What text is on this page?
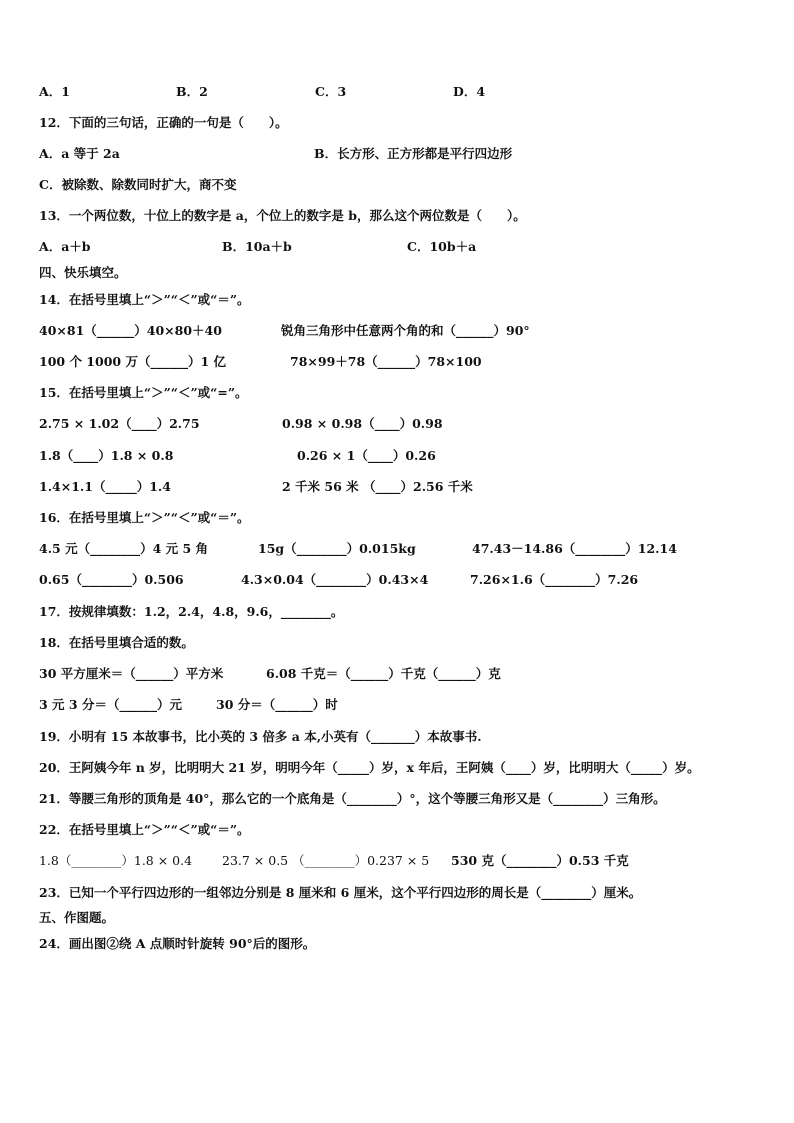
A．1	B．2	C．3	D．4
12．下面的三句话，正确的一句是（　　）。
A．a 等于 2a	B．长方形、正方形都是平行四边形
C．被除数、除数同时扩大，商不变
13．一个两位数，十位上的数字是 a，个位上的数字是 b，那么这个两位数是（　　）。
A．a＋b	B．10a＋b	C．10b＋a
四、快乐填空。
14．在括号里填上“＞”“＜”或“＝”。
40×81（______）40×80＋40	锐角三角形中任意两个角的和（______）90°
100 个 1000 万（______）1 亿	78×99＋78（______）78×100
15．在括号里填上“＞”“＜”或“=”。
2.75 × 1.02（____）2.75	0.98 × 0.98（____）0.98
1.8（____）1.8 × 0.8	0.26 × 1（____）0.26
1.4×1.1（_____）1.4	2 千米 56 米 （____）2.56 千米
16．在括号里填上“＞”“＜”或“＝”。
4.5 元（________）4 元 5 角	15g（________）0.015kg	47.43－14.86（________）12.14
0.65（________）0.506	4.3×0.04（________）0.43×4	7.26×1.6（________）7.26
17．按规律填数：1.2，2.4，4.8，9.6，________。
18．在括号里填合适的数。
30 平方厘米＝（______）平方米	6.08 千克＝（______）千克（______）克
3 元 3 分＝（______）元	30 分＝（______）时
19．小明有 15 本故事书，比小英的 3 倍多 a 本,小英有（_______）本故事书.
20．王阿姨今年 n 岁，比明明大 21 岁，明明今年（_____）岁，x 年后，王阿姨（____）岁，比明明大（_____）岁。
21．等腰三角形的顶角是 40°，那么它的一个底角是（________）°，这个等腰三角形又是（________）三角形。
22．在括号里填上“＞”“＜”或“＝”。
1.8（________）1.8 × 0.4 23.7 × 0.5 （________）0.237 × 5 530 克（________）0.53 千克
23．已知一个平行四边形的一组邻边分别是 8 厘米和 6 厘米，这个平行四边形的周长是（________）厘米。
五、作图题。
24．画出图②绕 A 点顺时针旋转 90°后的图形。
